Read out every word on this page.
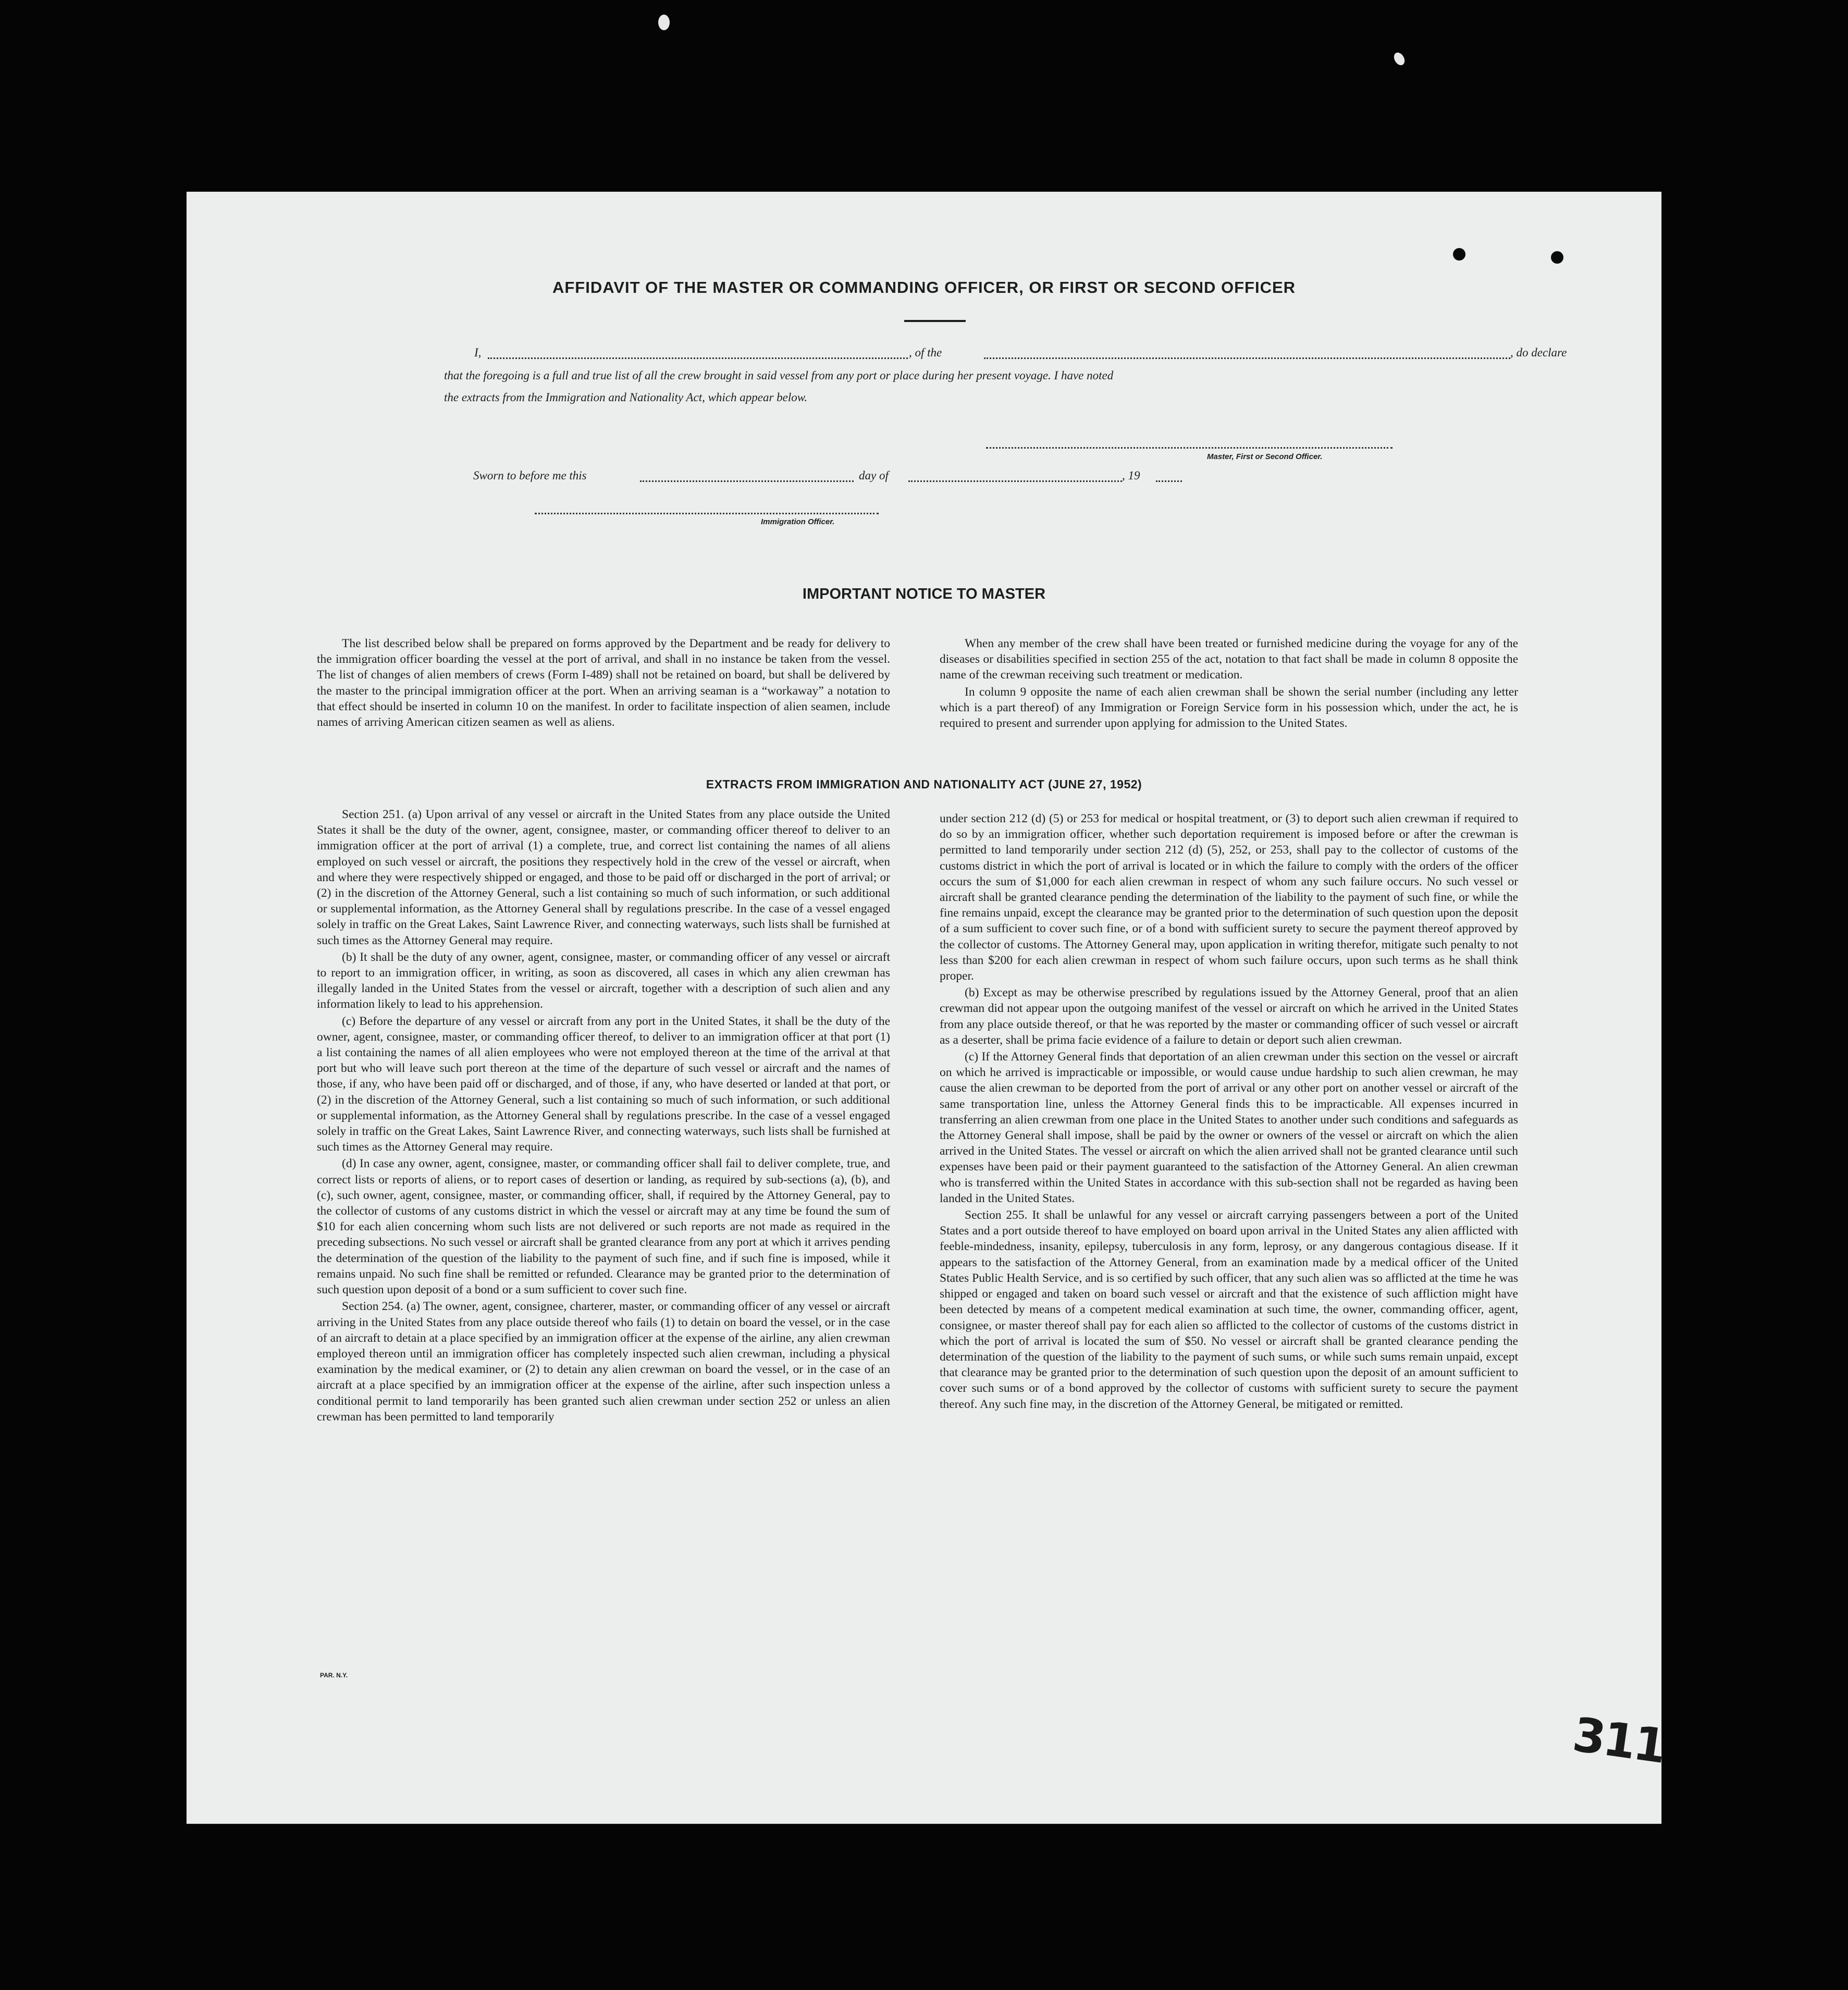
AFFIDAVIT OF THE MASTER OR COMMANDING OFFICER, OR FIRST OR SECOND OFFICER
I,	, of the	, do declare
that the foregoing is a full and true list of all the crew brought in said vessel from any port or place during her present voyage. I have noted
the extracts from the Immigration and Nationality Act, which appear below.
Master, First or Second Officer.
Sworn to before me this	day of	, 19
Immigration Officer.
IMPORTANT NOTICE TO MASTER

The list described below shall be prepared on forms approved by the Department and be ready for delivery to the immigration officer boarding the vessel at the port of arrival, and shall in no instance be taken from the vessel. The list of changes of alien members of crews (Form I-489) shall not be retained on board, but shall be delivered by the master to the principal immigration officer at the port. When an arriving seaman is a “workaway” a notation to that effect should be inserted in column 10 on the manifest. In order to facilitate inspection of alien seamen, include names of arriving American citizen seamen as well as aliens.

When any member of the crew shall have been treated or furnished medicine during the voyage for any of the diseases or disabilities specified in section 255 of the act, notation to that fact shall be made in column 8 opposite the name of the crewman receiving such treatment or medication.

In column 9 opposite the name of each alien crewman shall be shown the serial number (including any letter which is a part thereof) of any Immigration or Foreign Service form in his possession which, under the act, he is required to present and surrender upon applying for admission to the United States.

EXTRACTS FROM IMMIGRATION AND NATIONALITY ACT (JUNE 27, 1952)

Section 251. (a) Upon arrival of any vessel or aircraft in the United States from any place outside the United States it shall be the duty of the owner, agent, consignee, master, or commanding officer thereof to deliver to an immigration officer at the port of arrival (1) a complete, true, and correct list containing the names of all aliens employed on such vessel or aircraft, the positions they respectively hold in the crew of the vessel or aircraft, when and where they were respectively shipped or engaged, and those to be paid off or discharged in the port of arrival; or (2) in the discretion of the Attorney General, such a list containing so much of such information, or such additional or supplemental information, as the Attorney General shall by regulations prescribe. In the case of a vessel engaged solely in traffic on the Great Lakes, Saint Lawrence River, and connecting waterways, such lists shall be furnished at such times as the Attorney General may require.

(b) It shall be the duty of any owner, agent, consignee, master, or commanding officer of any vessel or aircraft to report to an immigration officer, in writing, as soon as discovered, all cases in which any alien crewman has illegally landed in the United States from the vessel or aircraft, together with a description of such alien and any information likely to lead to his apprehension.

(c) Before the departure of any vessel or aircraft from any port in the United States, it shall be the duty of the owner, agent, consignee, master, or commanding officer thereof, to deliver to an immigration officer at that port (1) a list containing the names of all alien employees who were not employed thereon at the time of the arrival at that port but who will leave such port thereon at the time of the departure of such vessel or aircraft and the names of those, if any, who have been paid off or discharged, and of those, if any, who have deserted or landed at that port, or (2) in the discretion of the Attorney General, such a list containing so much of such information, or such additional or supplemental information, as the Attorney General shall by regulations prescribe. In the case of a vessel engaged solely in traffic on the Great Lakes, Saint Lawrence River, and connecting waterways, such lists shall be furnished at such times as the Attorney General may require.

(d) In case any owner, agent, consignee, master, or commanding officer shall fail to deliver complete, true, and correct lists or reports of aliens, or to report cases of desertion or landing, as required by sub-sections (a), (b), and (c), such owner, agent, consignee, master, or commanding officer, shall, if required by the Attorney General, pay to the collector of customs of any customs district in which the vessel or aircraft may at any time be found the sum of $10 for each alien concerning whom such lists are not delivered or such reports are not made as required in the preceding subsections. No such vessel or aircraft shall be granted clearance from any port at which it arrives pending the determination of the question of the liability to the payment of such fine, and if such fine is imposed, while it remains unpaid. No such fine shall be remitted or refunded. Clearance may be granted prior to the determination of such question upon deposit of a bond or a sum sufficient to cover such fine.

Section 254. (a) The owner, agent, consignee, charterer, master, or commanding officer of any vessel or aircraft arriving in the United States from any place outside thereof who fails (1) to detain on board the vessel, or in the case of an aircraft to detain at a place specified by an immigration officer at the expense of the airline, any alien crewman employed thereon until an immigration officer has completely inspected such alien crewman, including a physical examination by the medical examiner, or (2) to detain any alien crewman on board the vessel, or in the case of an aircraft at a place specified by an immigration officer at the expense of the airline, after such inspection unless a conditional permit to land temporarily has been granted such alien crewman under section 252 or unless an alien crewman has been permitted to land temporarily

under section 212 (d) (5) or 253 for medical or hospital treatment, or (3) to deport such alien crewman if required to do so by an immigration officer, whether such deportation requirement is imposed before or after the crewman is permitted to land temporarily under section 212 (d) (5), 252, or 253, shall pay to the collector of customs of the customs district in which the port of arrival is located or in which the failure to comply with the orders of the officer occurs the sum of $1,000 for each alien crewman in respect of whom any such failure occurs. No such vessel or aircraft shall be granted clearance pending the determination of the liability to the payment of such fine, or while the fine remains unpaid, except the clearance may be granted prior to the determination of such question upon the deposit of a sum sufficient to cover such fine, or of a bond with sufficient surety to secure the payment thereof approved by the collector of customs. The Attorney General may, upon application in writing therefor, mitigate such penalty to not less than $200 for each alien crewman in respect of whom such failure occurs, upon such terms as he shall think proper.

(b) Except as may be otherwise prescribed by regulations issued by the Attorney General, proof that an alien crewman did not appear upon the outgoing manifest of the vessel or aircraft on which he arrived in the United States from any place outside thereof, or that he was reported by the master or commanding officer of such vessel or aircraft as a deserter, shall be prima facie evidence of a failure to detain or deport such alien crewman.

(c) If the Attorney General finds that deportation of an alien crewman under this section on the vessel or aircraft on which he arrived is impracticable or impossible, or would cause undue hardship to such alien crewman, he may cause the alien crewman to be deported from the port of arrival or any other port on another vessel or aircraft of the same transportation line, unless the Attorney General finds this to be impracticable. All expenses incurred in transferring an alien crewman from one place in the United States to another under such conditions and safeguards as the Attorney General shall impose, shall be paid by the owner or owners of the vessel or aircraft on which the alien arrived in the United States. The vessel or aircraft on which the alien arrived shall not be granted clearance until such expenses have been paid or their payment guaranteed to the satisfaction of the Attorney General. An alien crewman who is transferred within the United States in accordance with this sub-section shall not be regarded as having been landed in the United States.

Section 255. It shall be unlawful for any vessel or aircraft carrying passengers between a port of the United States and a port outside thereof to have employed on board upon arrival in the United States any alien afflicted with feeble-mindedness, insanity, epilepsy, tuberculosis in any form, leprosy, or any dangerous contagious disease. If it appears to the satisfaction of the Attorney General, from an examination made by a medical officer of the United States Public Health Service, and is so certified by such officer, that any such alien was so afflicted at the time he was shipped or engaged and taken on board such vessel or aircraft and that the existence of such affliction might have been detected by means of a competent medical examination at such time, the owner, commanding officer, agent, consignee, or master thereof shall pay for each alien so afflicted to the collector of customs of the customs district in which the port of arrival is located the sum of $50. No vessel or aircraft shall be granted clearance pending the determination of the question of the liability to the payment of such sums, or while such sums remain unpaid, except that clearance may be granted prior to the determination of such question upon the deposit of an amount sufficient to cover such sums or of a bond approved by the collector of customs with sufficient surety to secure the payment thereof. Any such fine may, in the discretion of the Attorney General, be mitigated or remitted.

PAR. N.Y.
311
